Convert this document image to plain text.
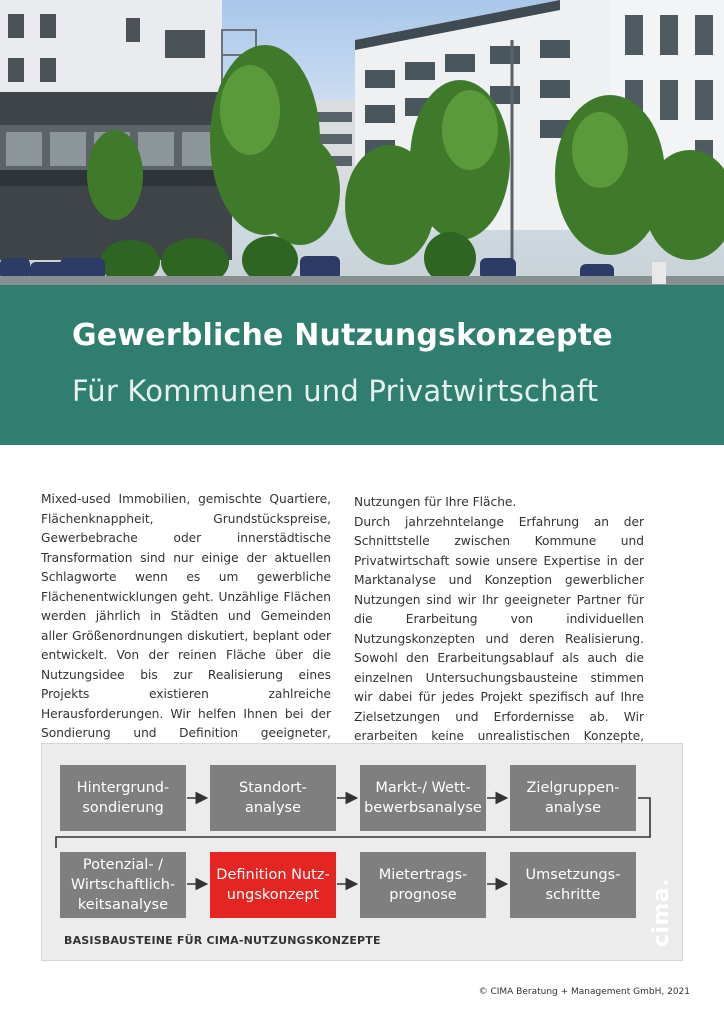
Gewerbliche Nutzungskonzepte
Für Kommunen und Privatwirtschaft

Mixed-used Immobilien, gemischte Quartiere, Flächenknappheit, Grundstückspreise, Gewerbebrache oder innerstädtische Transformation sind nur einige der aktuellen Schlagworte wenn es um gewerbliche Flächenentwicklungen geht. Unzählige Flächen werden jährlich in Städten und Gemeinden aller Größenordnungen diskutiert, beplant oder entwickelt. Von der reinen Fläche über die Nutzungsidee bis zur Realisierung eines Projekts existieren zahlreiche Herausforderungen. Wir helfen Ihnen bei der Sondierung und Definition geeigneter,

Nutzungen für Ihre Fläche.

Durch jahrzehntelange Erfahrung an der Schnittstelle zwischen Kommune und Privatwirtschaft sowie unsere Expertise in der Marktanalyse und Konzeption gewerblicher Nutzungen sind wir Ihr geeigneter Partner für die Erarbeitung von individuellen Nutzungskonzepten und deren Realisierung. Sowohl den Erarbeitungsablauf als auch die einzelnen Untersuchungsbausteine stimmen wir dabei für jedes Projekt spezifisch auf Ihre Zielsetzungen und Erfordernisse ab. Wir erarbeiten keine unrealistischen Konzepte,

Hintergrund-
sondierung
Standort-
analyse
Markt-/ Wett-
bewerbsanalyse
Zielgruppen-
analyse
Potenzial- /
Wirtschaftlich-
keitsanalyse
Definition Nutz-
ungskonzept
Mietertrags-
prognose
Umsetzungs-
schritte	cima.

BASISBAUSTEINE FÜR CIMA-NUTZUNGSKONZEPTE

© CIMA Beratung + Management GmbH, 2021
